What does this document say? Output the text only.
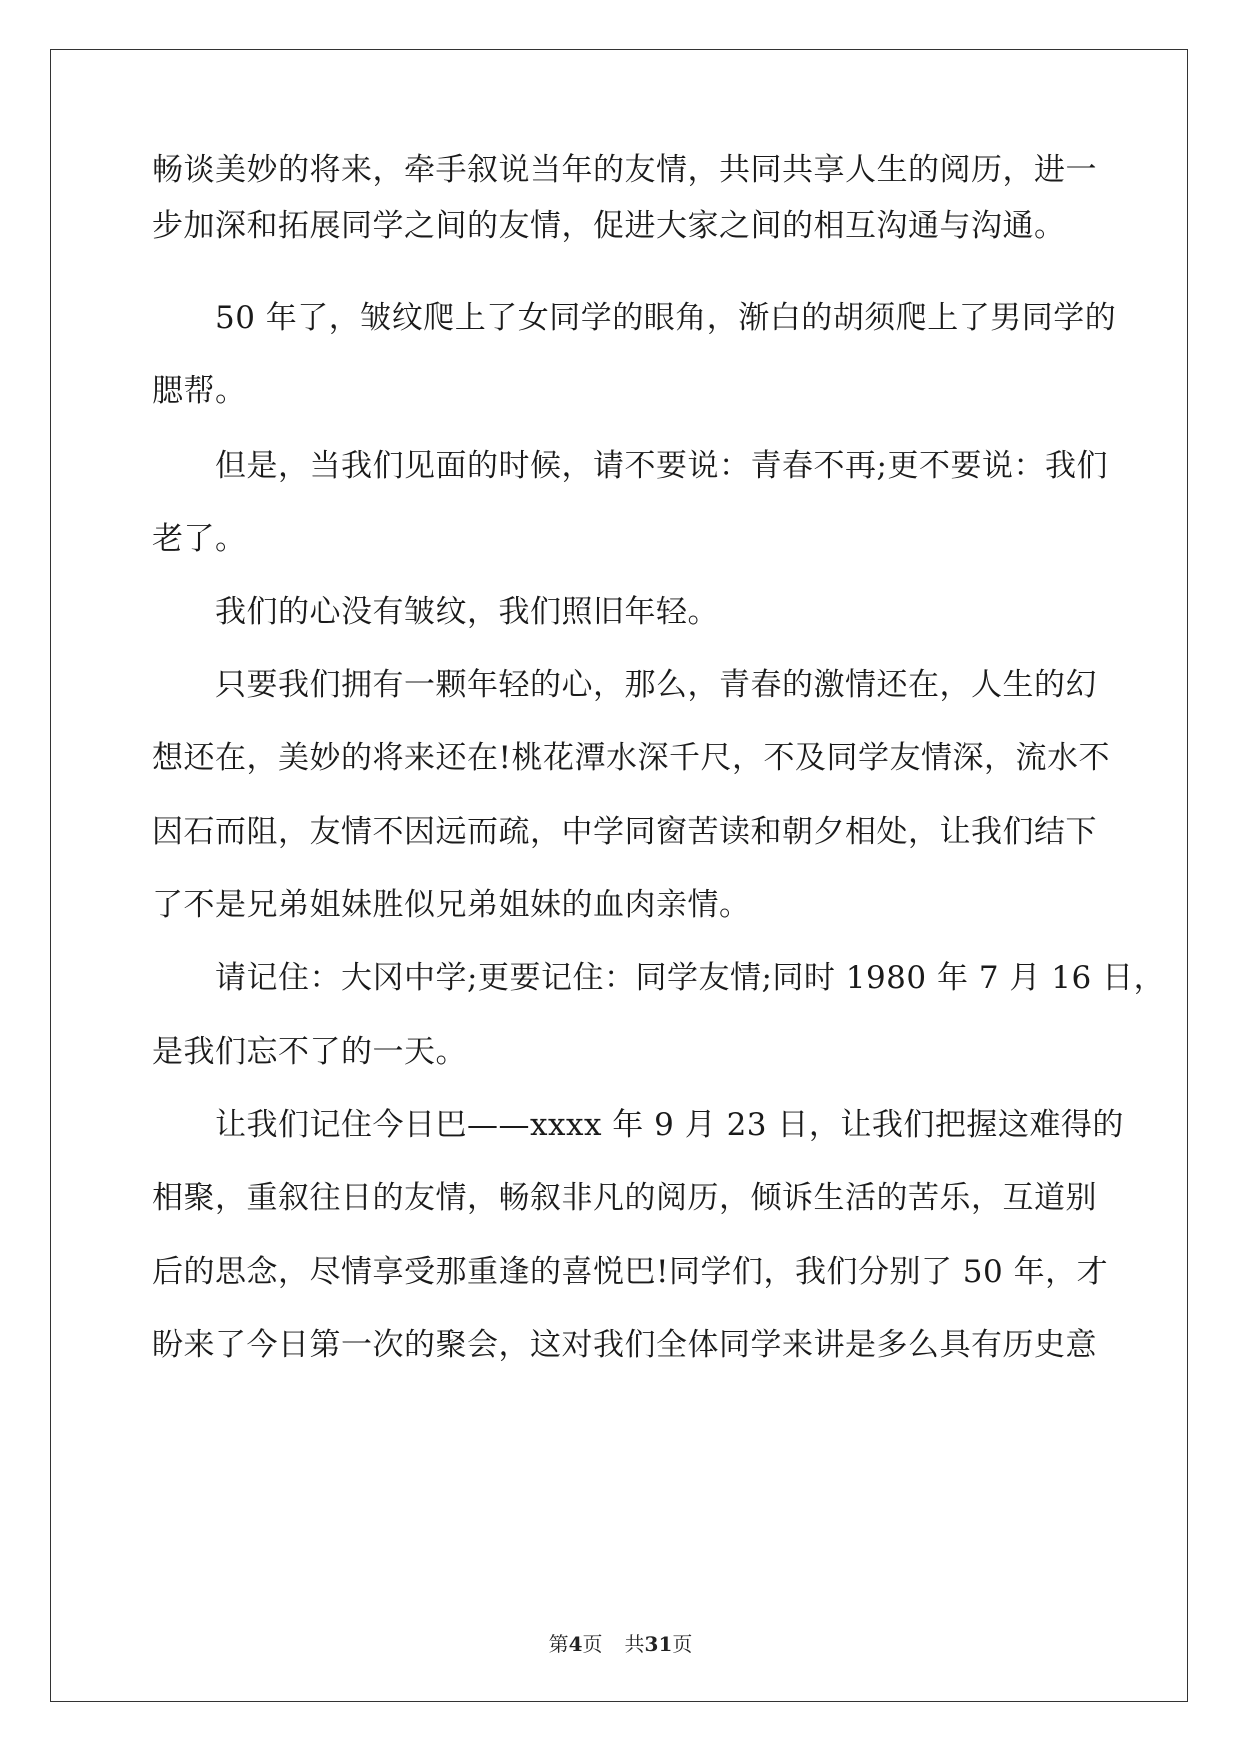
畅谈美妙的将来，牵手叙说当年的友情，共同共享人生的阅历，进一
步加深和拓展同学之间的友情，促进大家之间的相互沟通与沟通。
50 年了，皱纹爬上了女同学的眼角，渐白的胡须爬上了男同学的
腮帮。
但是，当我们见面的时候，请不要说：青春不再;更不要说：我们
老了。
我们的心没有皱纹，我们照旧年轻。
只要我们拥有一颗年轻的心，那么，青春的激情还在，人生的幻
想还在，美妙的将来还在!桃花潭水深千尺，不及同学友情深，流水不
因石而阻，友情不因远而疏，中学同窗苦读和朝夕相处，让我们结下
了不是兄弟姐妹胜似兄弟姐妹的血肉亲情。
请记住：大冈中学;更要记住：同学友情;同时 1980 年 7 月 16 日，
是我们忘不了的一天。
让我们记住今日巴——xxxx 年 9 月 23 日，让我们把握这难得的
相聚，重叙往日的友情，畅叙非凡的阅历，倾诉生活的苦乐，互道别
后的思念，尽情享受那重逢的喜悦巴!同学们，我们分别了 50 年，才
盼来了今日第一次的聚会，这对我们全体同学来讲是多么具有历史意
第4页 共31页
